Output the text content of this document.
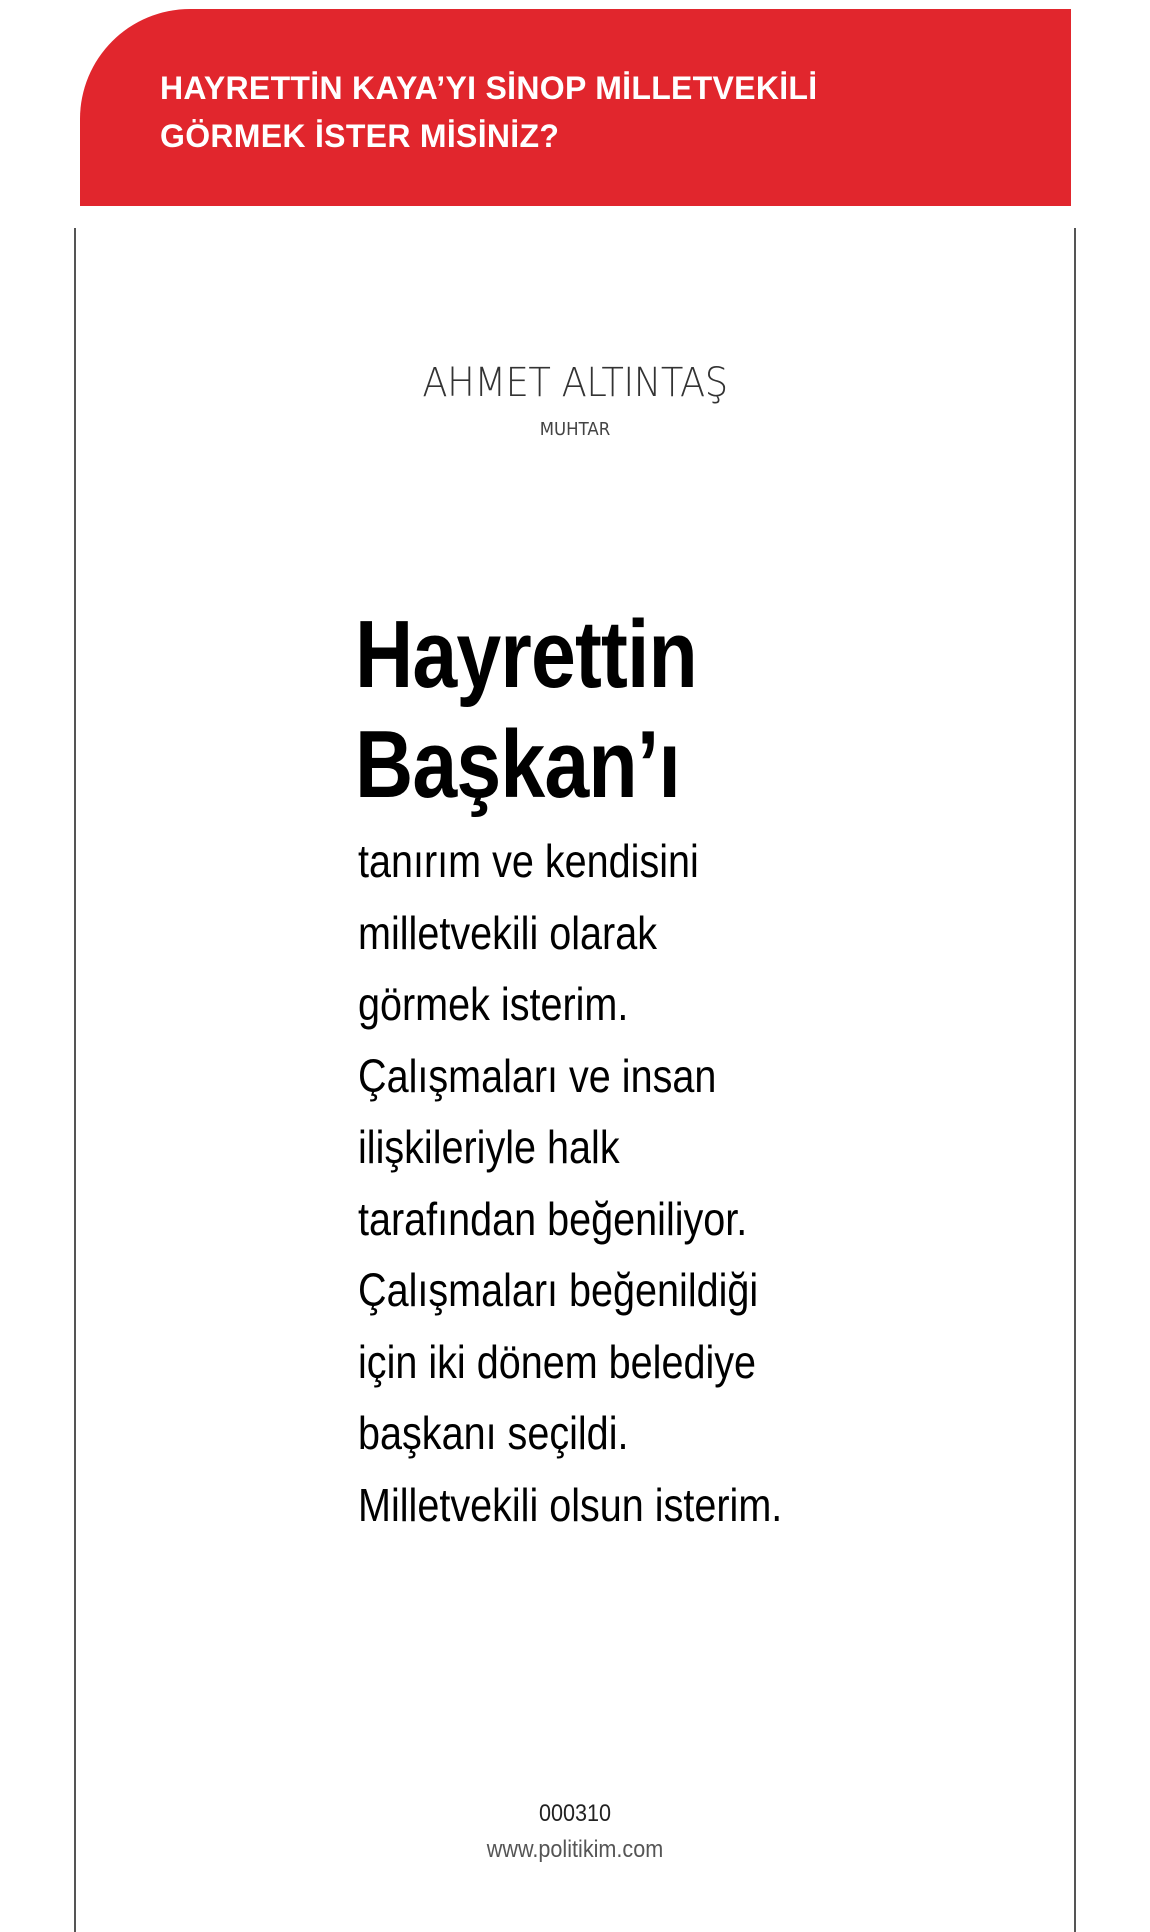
HAYRETTİN KAYA’YI SİNOP MİLLETVEKİLİ
GÖRMEK İSTER MİSİNİZ?
AHMET ALTINTAŞ
MUHTAR
Hayrettin
Başkan’ı

tanırım ve kendisini
milletvekili olarak
görmek isterim.
Çalışmaları ve insan
ilişkileriyle halk
tarafından beğeniliyor.
Çalışmaları beğenildiği
için iki dönem belediye
başkanı seçildi.
Milletvekili olsun isterim.

000310
www.politikim.com
